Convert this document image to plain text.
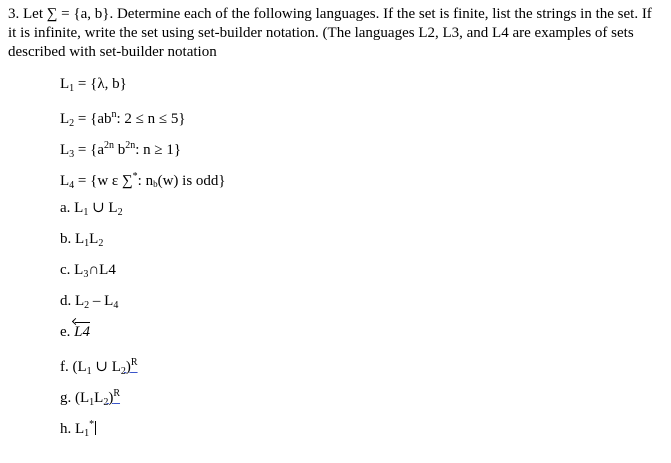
3. Let ∑ = {a, b}. Determine each of the following languages. If the set is finite, list the strings in the set. If it is infinite, write the set using set-builder notation. (The languages L2, L3, and L4 are examples of sets described with set-builder notation
$L_1 = \{\lambda$, b}
$L_2 = \{ab^n$: 2 ≤ n ≤ 5}
$L_3 = \{a^{2n}$ $b^{2n}$: n ≥ 1}
$L_4 = \{w$ ε ∑*: nb(w) is odd}
a. $L_1$ ∪ $L_2$
b. $L_1L_2$
c. $L_3\cap L4$
d. $L_2 - L_4$
e. L4
f. ($L_1$ ∪ $L_2)^R$
g. $(L_1L_2)^R$
h. $L_1^*$
